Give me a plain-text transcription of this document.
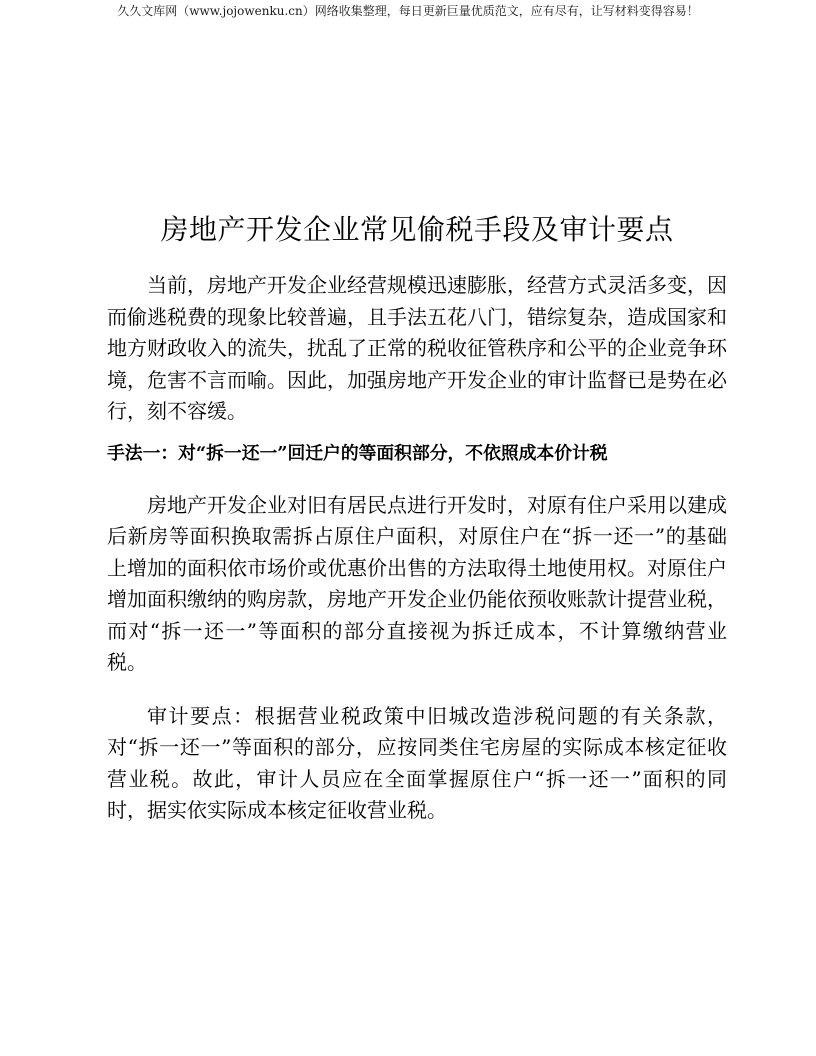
久久文库网（www.jojowenku.cn）网络收集整理，每日更新巨量优质范文，应有尽有，让写材料变得容易！
房地产开发企业常见偷税手段及审计要点

当前，房地产开发企业经营规模迅速膨胀，经营方式灵活多变，因而偷逃税费的现象比较普遍，且手法五花八门，错综复杂，造成国家和地方财政收入的流失，扰乱了正常的税收征管秩序和公平的企业竞争环境，危害不言而喻。因此，加强房地产开发企业的审计监督已是势在必行，刻不容缓。

手法一：对“拆一还一”回迁户的等面积部分，不依照成本价计税

房地产开发企业对旧有居民点进行开发时，对原有住户采用以建成后新房等面积换取需拆占原住户面积，对原住户在“拆一还一”的基础上增加的面积依市场价或优惠价出售的方法取得土地使用权。对原住户增加面积缴纳的购房款，房地产开发企业仍能依预收账款计提营业税，而对“拆一还一”等面积的部分直接视为拆迁成本，不计算缴纳营业税。

审计要点：根据营业税政策中旧城改造涉税问题的有关条款，对“拆一还一”等面积的部分，应按同类住宅房屋的实际成本核定征收营业税。故此，审计人员应在全面掌握原住户“拆一还一”面积的同时，据实依实际成本核定征收营业税。
